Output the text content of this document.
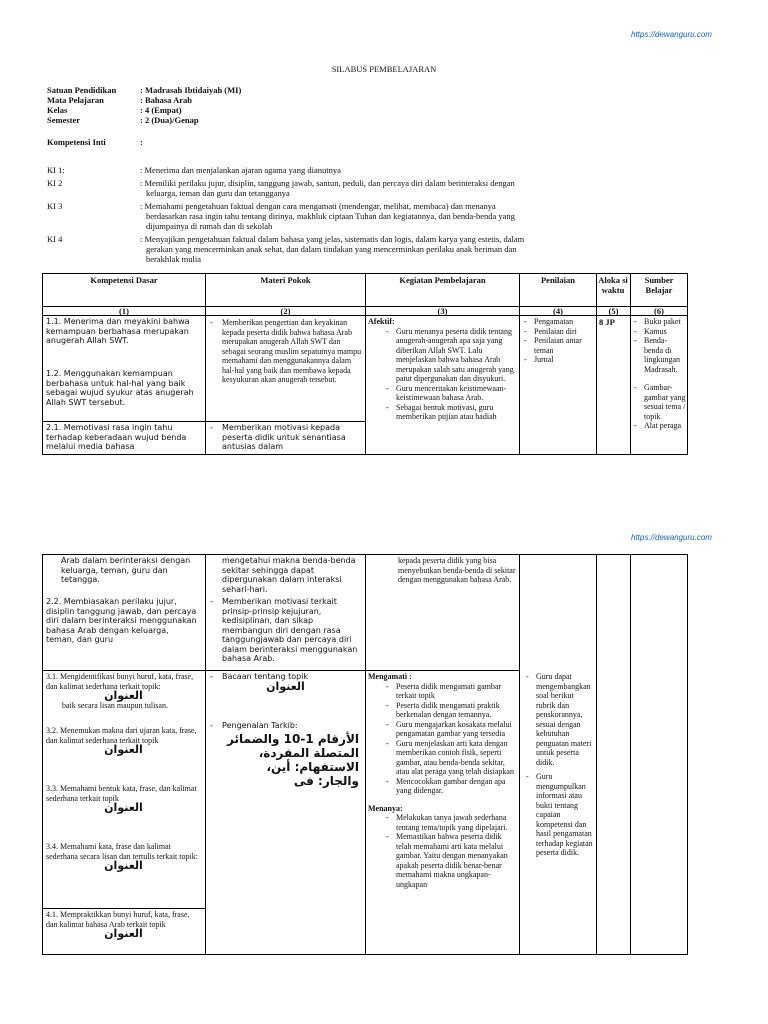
https://dewanguru.com
SILABUS PEMBELAJARAN
Satuan Pendidikan	: Madrasah Ibtidaiyah (MI)
Mata Pelajaran	: Bahasa Arab
Kelas	: 4 (Empat)
Semester	: 2 (Dua)/Genap
Kompetensi Inti	:
KI 1:	: Menerima dan menjalankan ajaran agama yang dianutnya
KI 2	: Memiliki perilaku jujur, disiplin, tanggung jawab, santun, peduli, dan percaya diri dalam berinteraksi dengan
keluarga, teman dan guru dan tetangganya
KI 3	: Memahami pengetahuan faktual dengan cara mengamati (mendengar, melihat, membaca) dan menanya
berdasarkan rasa ingin tahu tentang dirinya, makhluk ciptaan Tuhan dan kegiatannya, dan benda-benda yang
dijumpainya di rumah dan di sekolah
KI 4	: Menyajikan pengetahuan faktual dalam bahasa yang jelas, sistematis dan logis, dalam karya yang estetis, dalam
gerakan yang mencerminkan anak sehat, dan dalam tindakan yang mencerminkan perilaku anak beriman dan
berakhlak mulia
Kompetensi Dasar	Materi Pokok	Kegiatan Pembelajaran	Penilaian	Aloka si waktu
Sumber Belajar
(1)	(2)	(3)	(4)	(5)	(6)
1.1. Menerima dan meyakini bahwa kemampuan berbahasa merupakan anugerah Allah SWT.
1.2. Menggunakan kemampuan berbahasa untuk hal-hal yang baik sebagai wujud syukur atas anugerah Allah SWT tersebut.
2.1. Memotivasi rasa ingin tahu terhadap keberadaan wujud benda melalui media bahasa
- Memberikan pengertian dan keyakinan kepada peserta didik bahwa bahasa Arab merupakan anugerah Allah SWT dan sebagai seorang muslim sepatutnya mampu memahami dan menggunakannya dalam hal-hal yang baik dan membawa kepada kesyukuran akan anugerah tersebut.
- Memberikan motivasi kepada peserta didik untuk senantiasa antusias dalam
Afektif:
- Guru menanya peserta didik tentang anugerah-anugerah apa saja yang diberikan Allah SWT. Lalu menjelaskan bahwa bahasa Arab merupakan salah satu anugerah yang patut dipergunakan dan disyukuri.
- Guru menceritakan keistimewaan- keistimewaan bahasa Arab.
- Sebagai bentuk motivasi, guru memberikan pujian atau hadiah
- Pengamatan
- Penilaian diri
- Penilaian antar teman
- Jurnal
8 JP
-	Buku paket
- Kamus
- Benda-benda di lingkungan Madrasah.
- Gambar-gambar yang sesuai tema / topik
- Alat peraga
https://dewanguru.com
Arab dalam berinteraksi dengan keluarga, teman, guru dan tetangga.
2.2. Membiasakan perilaku jujur, disiplin tanggung jawab, dan percaya diri dalam berinteraksi menggunakan bahasa Arab dengan keluarga, teman, dan guru
3.1. Mengidentifikasi bunyi huruf, kata, frase, dan kalimat sederhana terkait topik:
العنوان
baik secara lisan maupun tulisan.
3.2. Menemukan makna dari ujaran kata, frase, dan kalimat sederhana terkait topik
العنوان
3.3. Memahami bentuk kata, frase, dan kalimat sederhana terkait topik
العنوان
3.4. Memahami kata, frase dan kalimat sederhana secara lisan dan tertulis terkait topik:
العنوان
4.1. Mempraktikkan bunyi huruf, kata, frase, dan kalimat bahasa Arab terkait topik
العنوان
mengetahui makna benda-benda sekitar sehingga dapat dipergunakan dalam interaksi sehari-hari.
- Memberikan motivasi terkait prinsip-prinsip kejujuran, kedisiplinan, dan sikap membangun diri dengan rasa tanggungjawab dan percaya diri dalam berinteraksi menggunakan bahasa Arab.
- Bacaan tentang topik
العنوان
- Pengenalan Tarkib:
الأرقام 1-10 والضمائر المتصلة المفردة، الاستفهام: أين، والجار: فى
kepada peserta didik yang bisa menyebutkan benda-benda di sekitar dengan menggunakan bahasa Arab.
Mengamati :
- Peserta didik mengamati gambar terkait topik
- Peserta didik mengamati praktik berkenalan dengan temannya.
- Guru mengajarkan kosakata melalui pengamatan gambar yang tersedia
- Guru menjelaskan arti kata dengan memberikan contoh fisik, seperti gambar, atau benda-benda sekitar, atau alat peraga yang telah disiapkan
- Mencocokkan gambar dengan apa yang didengar.
Menanya:
- Melakukan tanya jawab sederhana tentang tema/topik yang dipelajari.
- Memastikan bahwa peserta didik telah memahami arti kata melalui gambar. Yaitu dengan menanyakan apakah peserta didik benar-benar memahami makna ungkapan-ungkapan
- Guru dapat mengembangkan soal berikut rubrik dan penskorannya, sesuai dengan kebutuhan penguatan materi untuk peserta didik.
- Guru mengumpulkan informasi atau bukti tentang capaian kompetensi dan hasil pengamatan terhadap kegiatan peserta didik.
